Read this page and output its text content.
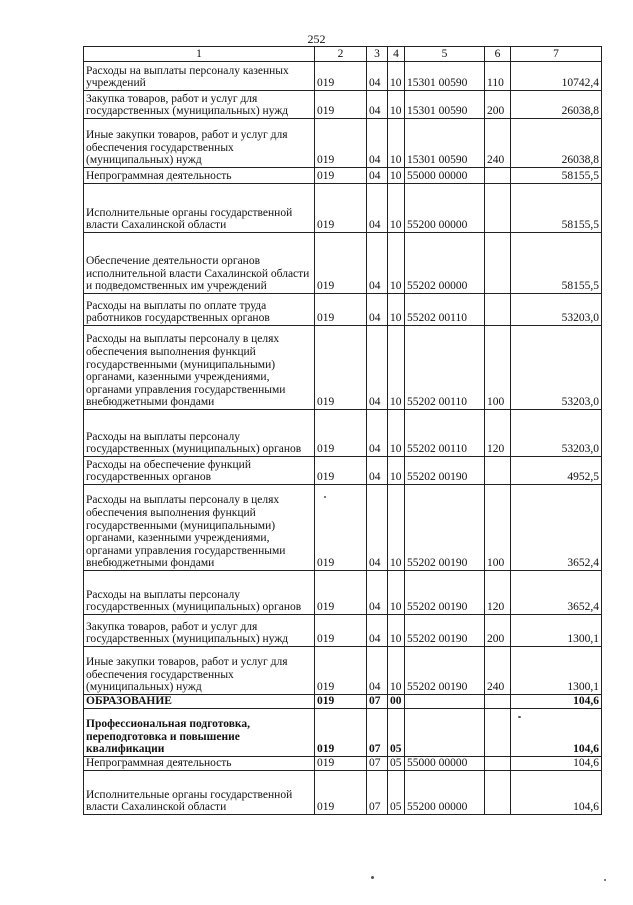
252
1	2	3	4	5	6	7
Расходы на выплаты персоналу казенных учреждений	019	04	10	15301 00590	110	10742,4
Закупка товаров, работ и услуг для государственных (муниципальных) нужд	019	04	10	15301 00590	200	26038,8
Иные закупки товаров, работ и услуг для обеспечения государственных (муниципальных) нужд	019	04	10	15301 00590	240	26038,8
Непрограммная деятельность	019	04	10	55000 00000		58155,5
Исполнительные органы государственной власти Сахалинской области	019	04	10	55200 00000		58155,5
Обеспечение деятельности органов исполнительной власти Сахалинской области и подведомственных им учреждений	019	04	10	55202 00000		58155,5
Расходы на выплаты по оплате труда работников государственных органов	019	04	10	55202 00110		53203,0
Расходы на выплаты персоналу в целях обеспечения выполнения функций государственными (муниципальными) органами, казенными учреждениями, органами управления государственными внебюджетными фондами	019	04	10	55202 00110	100	53203,0
Расходы на выплаты персоналу государственных (муниципальных) органов	019	04	10	55202 00110	120	53203,0
Расходы на обеспечение функций государственных органов	019	04	10	55202 00190		4952,5
Расходы на выплаты персоналу в целях обеспечения выполнения функций государственными (муниципальными) органами, казенными учреждениями, органами управления государственными внебюджетными фондами	019	04	10	55202 00190	100	3652,4
Расходы на выплаты персоналу государственных (муниципальных) органов	019	04	10	55202 00190	120	3652,4
Закупка товаров, работ и услуг для государственных (муниципальных) нужд	019	04	10	55202 00190	200	1300,1
Иные закупки товаров, работ и услуг для обеспечения государственных (муниципальных) нужд	019	04	10	55202 00190	240	1300,1
ОБРАЗОВАНИЕ	019	07	00			104,6
Профессиональная подготовка, переподготовка и повышение квалификации	019	07	05			104,6
Непрограммная деятельность	019	07	05	55000 00000		104,6
Исполнительные органы государственной власти Сахалинской области	019	07	05	55200 00000		104,6
